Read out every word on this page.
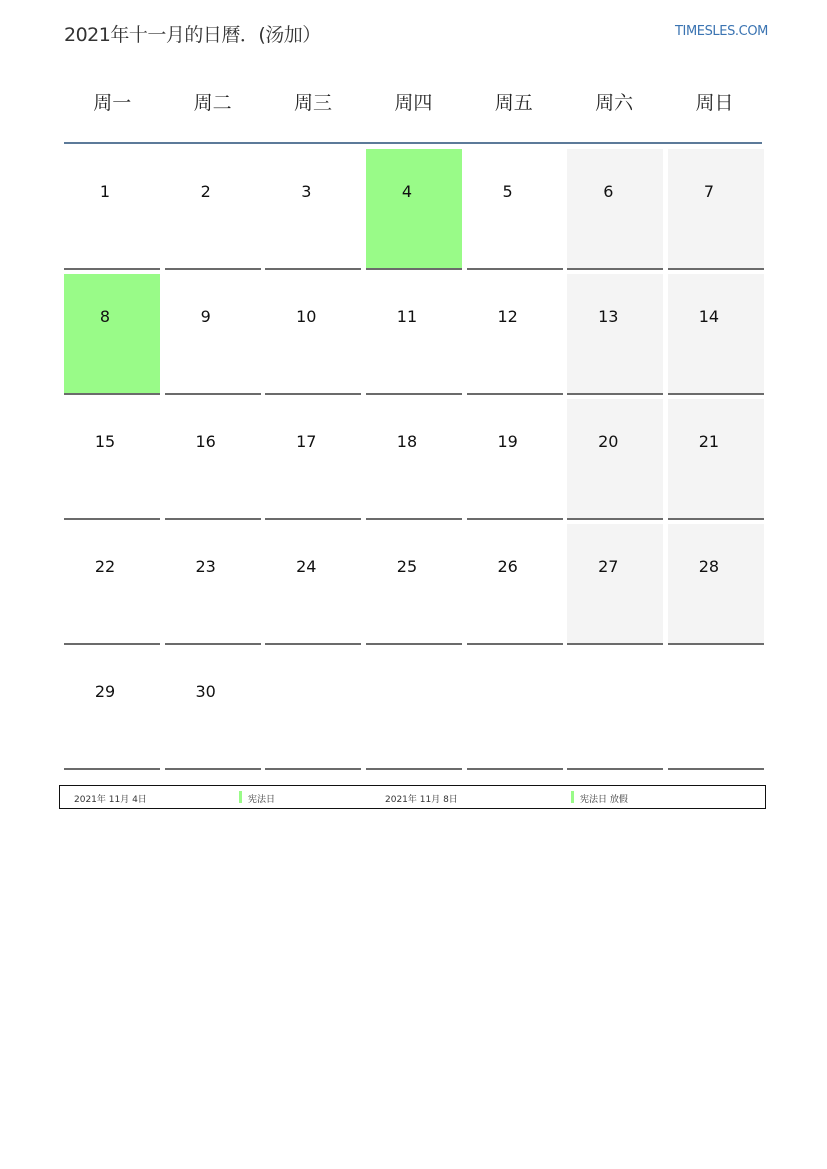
2021年十一月的日曆．(汤加）	TIMESLES.COM
周一	周二	周三	周四	周五	周六	周日
1	2	3	4	5	6	7
8	9	10	11	12	13	14
15	16	17	18	19	20	21
22	23	24	25	26	27	28
29	30
2021年 11月 4日	宪法日	2021年 11月 8日	宪法日 放假
